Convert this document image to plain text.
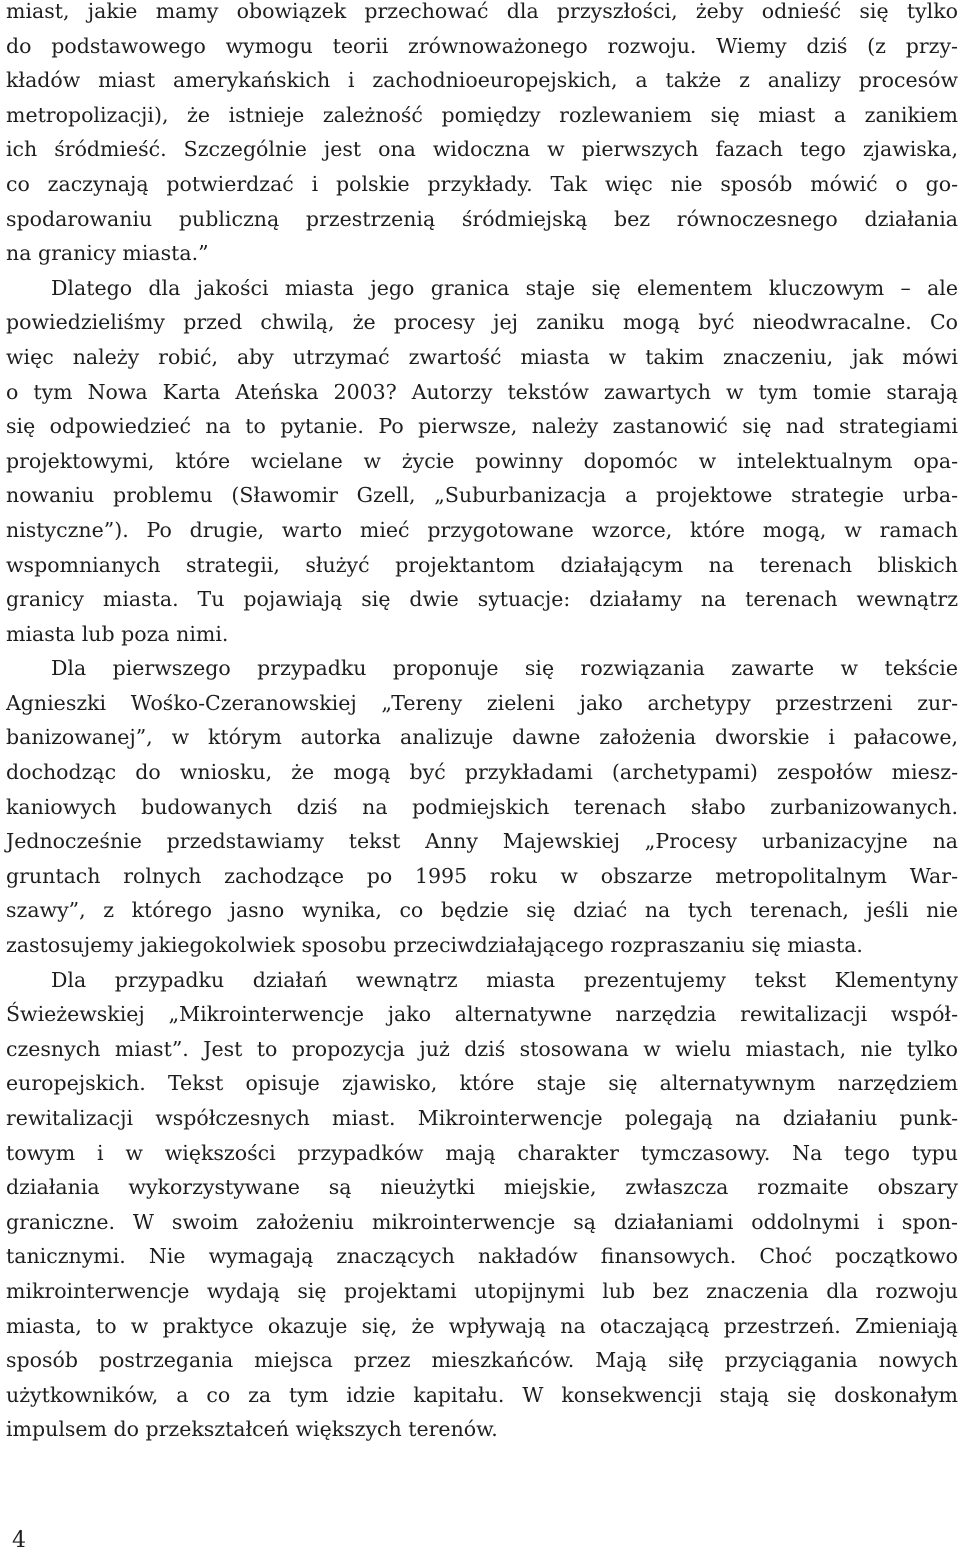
miast, jakie mamy obowiązek przechować dla przyszłości, żeby odnieść się tylko
do podstawowego wymogu teorii zrównoważonego rozwoju. Wiemy dziś (z przy-
kładów miast amerykańskich i zachodnioeuropejskich, a także z analizy procesów
metropolizacji), że istnieje zależność pomiędzy rozlewaniem się miast a zanikiem
ich śródmieść. Szczególnie jest ona widoczna w pierwszych fazach tego zjawiska,
co zaczynają potwierdzać i polskie przykłady. Tak więc nie sposób mówić o go-
spodarowaniu publiczną przestrzenią śródmiejską bez równoczesnego działania
na granicy miasta.”
Dlatego dla jakości miasta jego granica staje się elementem kluczowym – ale
powiedzieliśmy przed chwilą, że procesy jej zaniku mogą być nieodwracalne. Co
więc należy robić, aby utrzymać zwartość miasta w takim znaczeniu, jak mówi
o tym Nowa Karta Ateńska 2003? Autorzy tekstów zawartych w tym tomie starają
się odpowiedzieć na to pytanie. Po pierwsze, należy zastanowić się nad strategiami
projektowymi, które wcielane w życie powinny dopomóc w intelektualnym opa-
nowaniu problemu (Sławomir Gzell, „Suburbanizacja a projektowe strategie urba-
nistyczne”). Po drugie, warto mieć przygotowane wzorce, które mogą, w ramach
wspomnianych strategii, służyć projektantom działającym na terenach bliskich
granicy miasta. Tu pojawiają się dwie sytuacje: działamy na terenach wewnątrz
miasta lub poza nimi.
Dla pierwszego przypadku proponuje się rozwiązania zawarte w tekście
Agnieszki Wośko-Czeranowskiej „Tereny zieleni jako archetypy przestrzeni zur-
banizowanej”, w którym autorka analizuje dawne założenia dworskie i pałacowe,
dochodząc do wniosku, że mogą być przykładami (archetypami) zespołów miesz-
kaniowych budowanych dziś na podmiejskich terenach słabo zurbanizowanych.
Jednocześnie przedstawiamy tekst Anny Majewskiej „Procesy urbanizacyjne na
gruntach rolnych zachodzące po 1995 roku w obszarze metropolitalnym War-
szawy”, z którego jasno wynika, co będzie się dziać na tych terenach, jeśli nie
zastosujemy jakiegokolwiek sposobu przeciwdziałającego rozpraszaniu się miasta.
Dla przypadku działań wewnątrz miasta prezentujemy tekst Klementyny
Świeżewskiej „Mikrointerwencje jako alternatywne narzędzia rewitalizacji współ-
czesnych miast”. Jest to propozycja już dziś stosowana w wielu miastach, nie tylko
europejskich. Tekst opisuje zjawisko, które staje się alternatywnym narzędziem
rewitalizacji współczesnych miast. Mikrointerwencje polegają na działaniu punk-
towym i w większości przypadków mają charakter tymczasowy. Na tego typu
działania wykorzystywane są nieużytki miejskie, zwłaszcza rozmaite obszary
graniczne. W swoim założeniu mikrointerwencje są działaniami oddolnymi i spon-
tanicznymi. Nie wymagają znaczących nakładów finansowych. Choć początkowo
mikrointerwencje wydają się projektami utopijnymi lub bez znaczenia dla rozwoju
miasta, to w praktyce okazuje się, że wpływają na otaczającą przestrzeń. Zmieniają
sposób postrzegania miejsca przez mieszkańców. Mają siłę przyciągania nowych
użytkowników, a co za tym idzie kapitału. W konsekwencji stają się doskonałym
impulsem do przekształceń większych terenów.
4
